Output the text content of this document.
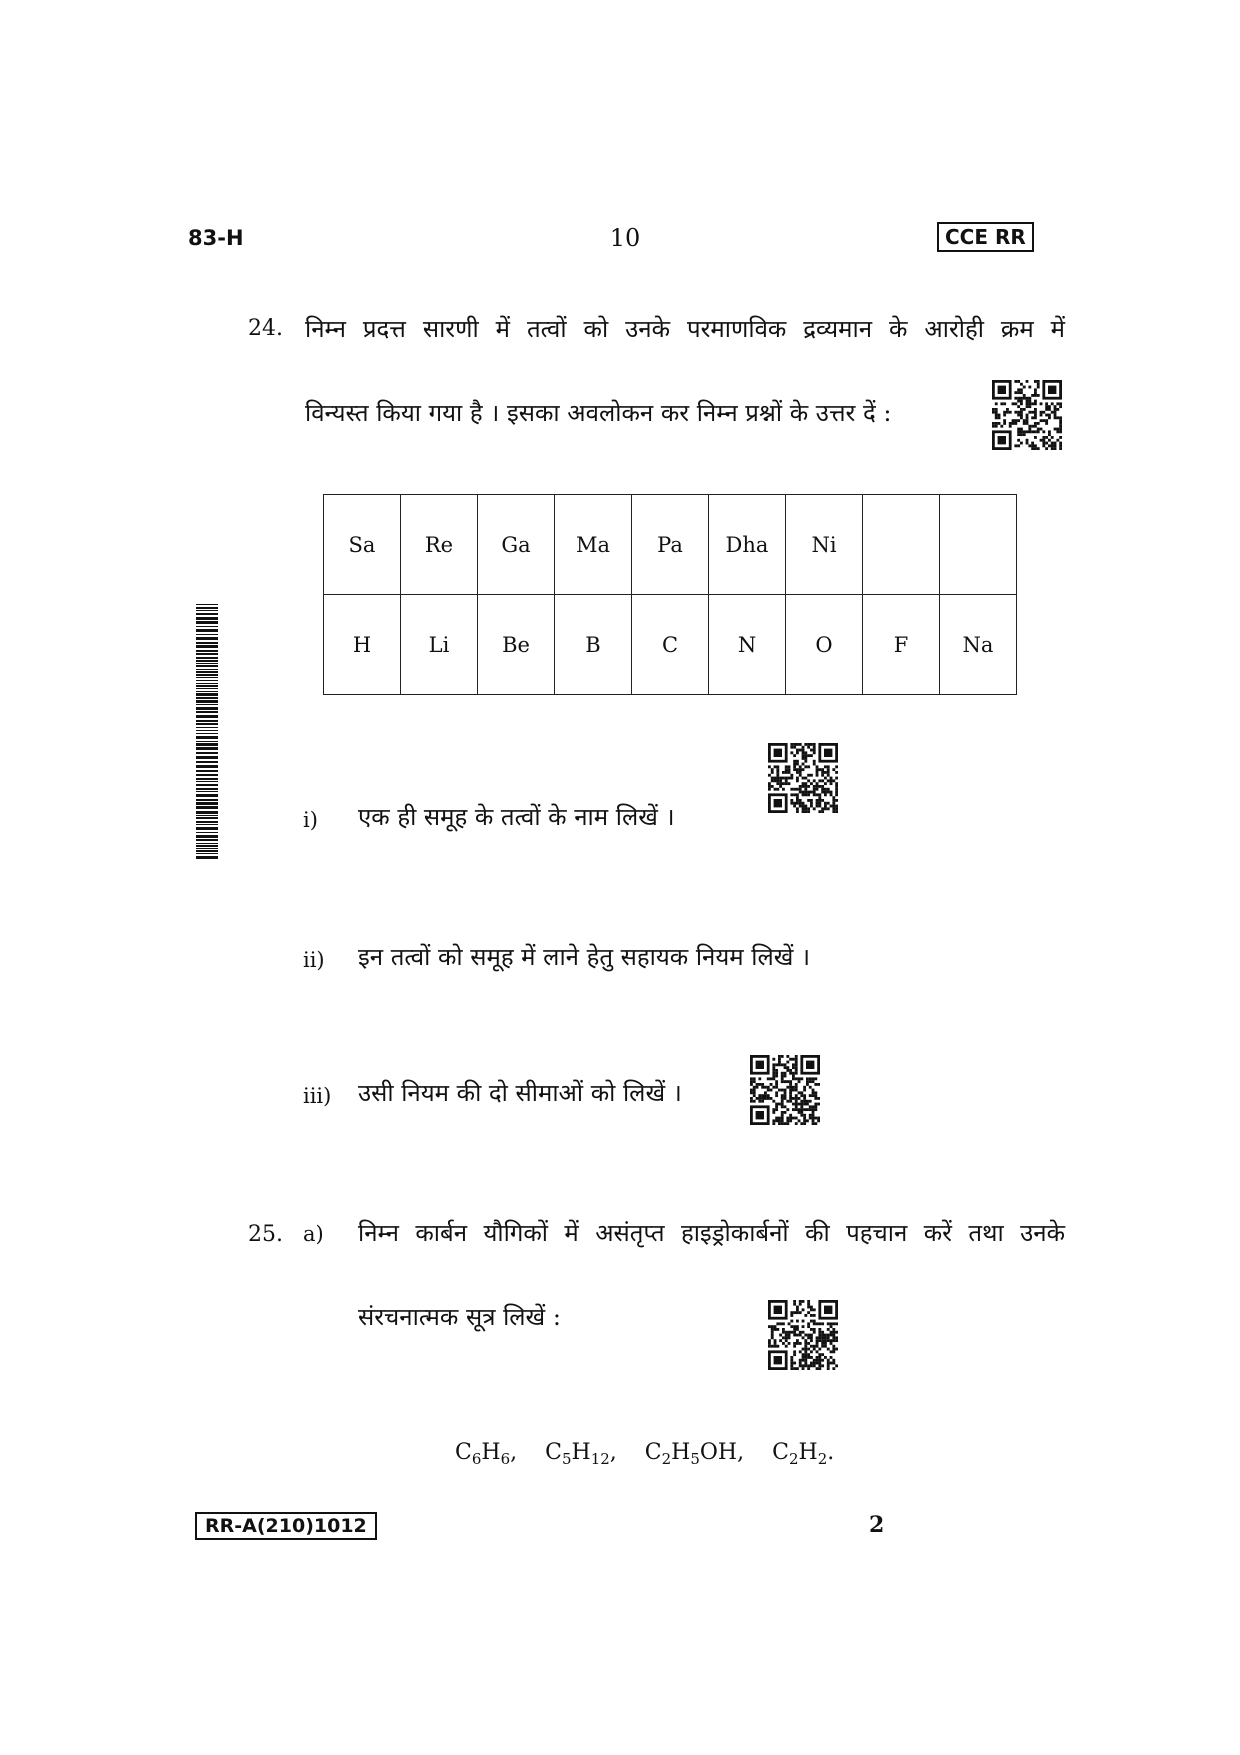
83-H	10	CCE RR
24. निम्न प्रदत्त सारणी में तत्वों को उनके परमाणविक द्रव्यमान के आरोही क्रम में
विन्यस्त किया गया है । इसका अवलोकन कर निम्न प्रश्नों के उत्तर दें :
Sa	Re	Ga	Ma	Pa	Dha	Ni		
H	Li	Be	B	C	N	O	F	Na
i) एक ही समूह के तत्वों के नाम लिखें ।
ii) इन तत्वों को समूह में लाने हेतु सहायक नियम लिखें ।
iii) उसी नियम की दो सीमाओं को लिखें ।
25. a) निम्न कार्बन यौगिकों में असंतृप्त हाइड्रोकार्बनों की पहचान करें तथा उनके
संरचनात्मक सूत्र लिखें :
$C_6H_6$, $C_5H_{12}$, $C_2H_5OH$, $C_2H_2$.
RR-A(210)1012	2
